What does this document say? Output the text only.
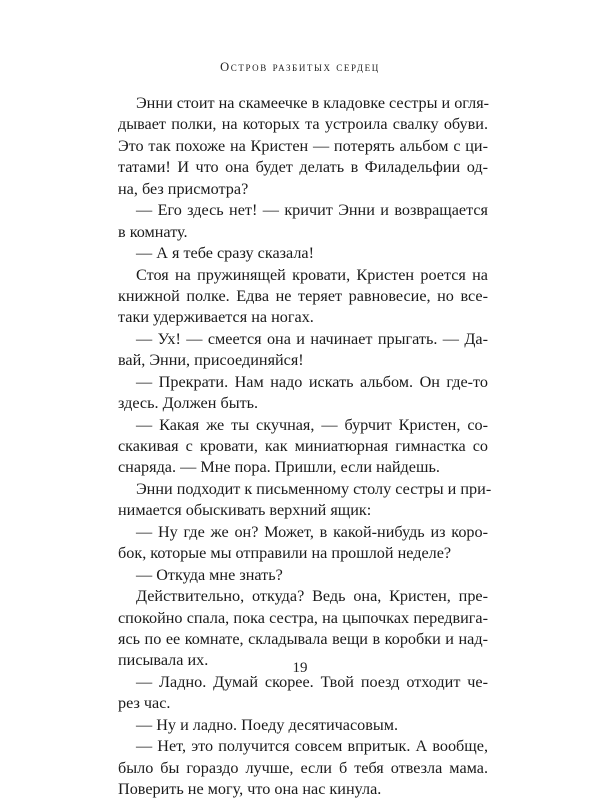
Остров разбитых сердец
Энни стоит на скамеечке в кладовке сестры и огля-
дывает полки, на которых та устроила свалку обуви.
Это так похоже на Кристен — потерять альбом с ци-
татами! И что она будет делать в Филадельфии од-
на, без присмотра?
— Его здесь нет! — кричит Энни и возвращается
в комнату.
— А я тебе сразу сказала!
Стоя на пружинящей кровати, Кристен роется на
книжной полке. Едва не теряет равновесие, но все-
таки удерживается на ногах.
— Ух! — смеется она и начинает прыгать. — Да-
вай, Энни, присоединяйся!
— Прекрати. Нам надо искать альбом. Он где-то
здесь. Должен быть.
— Какая же ты скучная, — бурчит Кристен, со-
скакивая с кровати, как миниатюрная гимнастка со
снаряда. — Мне пора. Пришли, если найдешь.
Энни подходит к письменному столу сестры и при-
нимается обыскивать верхний ящик:
— Ну где же он? Может, в какой-нибудь из коро-
бок, которые мы отправили на прошлой неделе?
— Откуда мне знать?
Действительно, откуда? Ведь она, Кристен, пре-
спокойно спала, пока сестра, на цыпочках передвига-
ясь по ее комнате, складывала вещи в коробки и над-
писывала их.
— Ладно. Думай скорее. Твой поезд отходит че-
рез час.
— Ну и ладно. Поеду десятичасовым.
— Нет, это получится совсем впритык. А вообще,
было бы гораздо лучше, если б тебя отвезла мама.
Поверить не могу, что она нас кинула.
19
